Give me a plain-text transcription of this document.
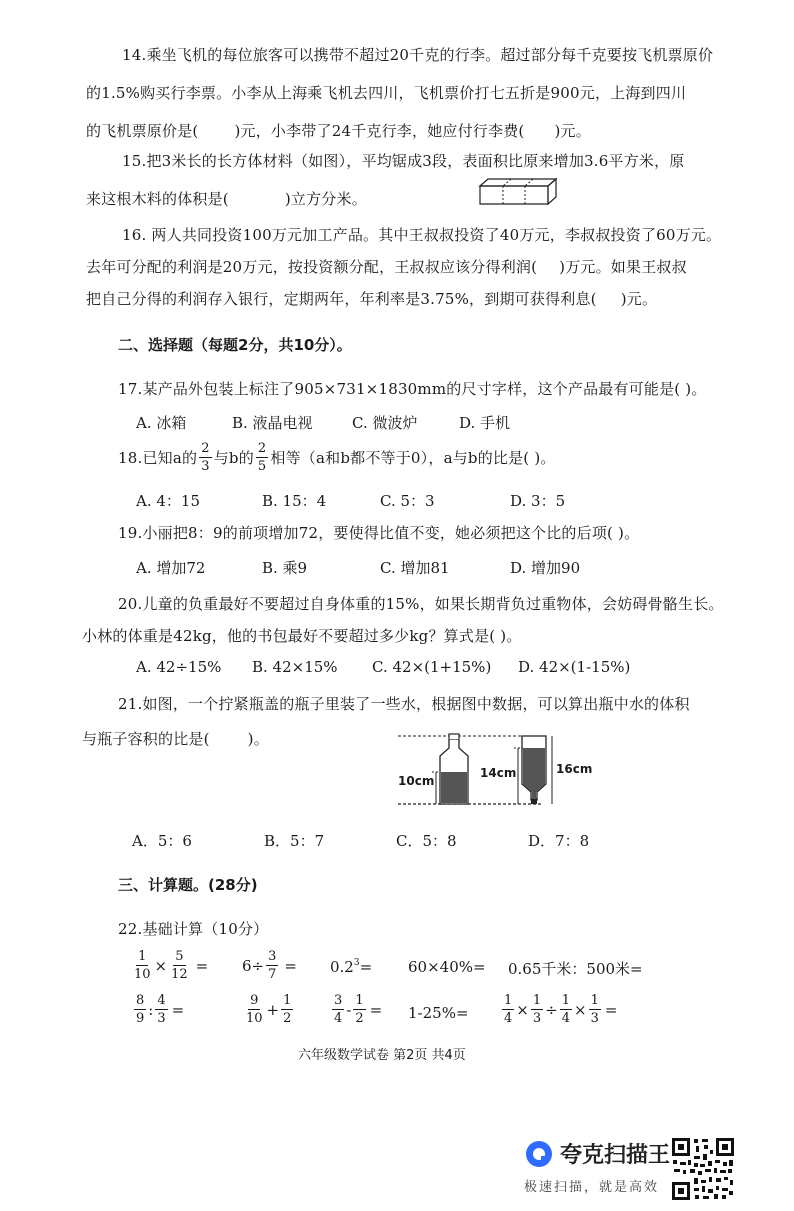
14.乘坐飞机的每位旅客可以携带不超过20千克的行李。超过部分每千克要按飞机票原价
的1.5%购买行李票。小李从上海乘飞机去四川，飞机票价打七五折是900元，上海到四川
的飞机票原价是( )元，小李带了24千克行李，她应付行李费( )元。
15.把3米长的长方体材料（如图），平均锯成3段，表面积比原来增加3.6平方米，原
来这根木料的体积是(	)立方分米。
16. 两人共同投资100万元加工产品。其中王叔叔投资了40万元，李叔叔投资了60万元。
去年可分配的利润是20万元，按投资额分配，王叔叔应该分得利润( )万元。如果王叔叔
把自己分得的利润存入银行，定期两年，年利率是3.75%，到期可获得利息( )元。
二、选择题（每题2分，共10分）。
17.某产品外包装上标注了905×731×1830mm的尺寸字样，这个产品最有可能是( )。
A. 冰箱	B. 液晶电视	C. 微波炉	D. 手机
18.已知a的 $\frac{2}{3}$ 与b的 $\frac{2}{5}$ 相等（a和b都不等于0），a与b的比是( )。
A. 4：15	B. 15：4	C. 5：3	D. 3：5
19.小丽把8：9的前项增加72，要使得比值不变，她必须把这个比的后项( )。
A. 增加72	B. 乘9	C. 增加81	D. 增加90
20.儿童的负重最好不要超过自身体重的15%，如果长期背负过重物体，会妨碍骨骼生长。
小林的体重是42kg，他的书包最好不要超过多少kg？算式是( )。
A. 42÷15% B. 42×15% C. 42×(1+15%) D. 42×(1-15%)
21.如图，一个拧紧瓶盖的瓶子里装了一些水，根据图中数据，可以算出瓶中水的体积
与瓶子容积的比是(	)。
10cm
14cm	16cm
A．5：6	B．5：7	C．5：8	D．7：8
三、计算题。(28分)
22.基础计算（10分）
$\frac{1}{10} \times \frac{5}{12} = 6\div \frac{3}{7} = 0.2^3 = 60\times 40\%= 0.65$千米：500米=
$\frac{8}{9}$ : $\frac{4}{3}$ =	$\frac{9}{10} + \frac{1}{2}$	$\frac{3}{4} - \frac{1}{2} = 1-25\%=$	$\frac{1}{4} \times \frac{1}{3} \div \frac{1}{4} \times \frac{1}{3}$ =
六年级数学试卷 第2页 共4页
夸克扫描王
极速扫描，就是高效
